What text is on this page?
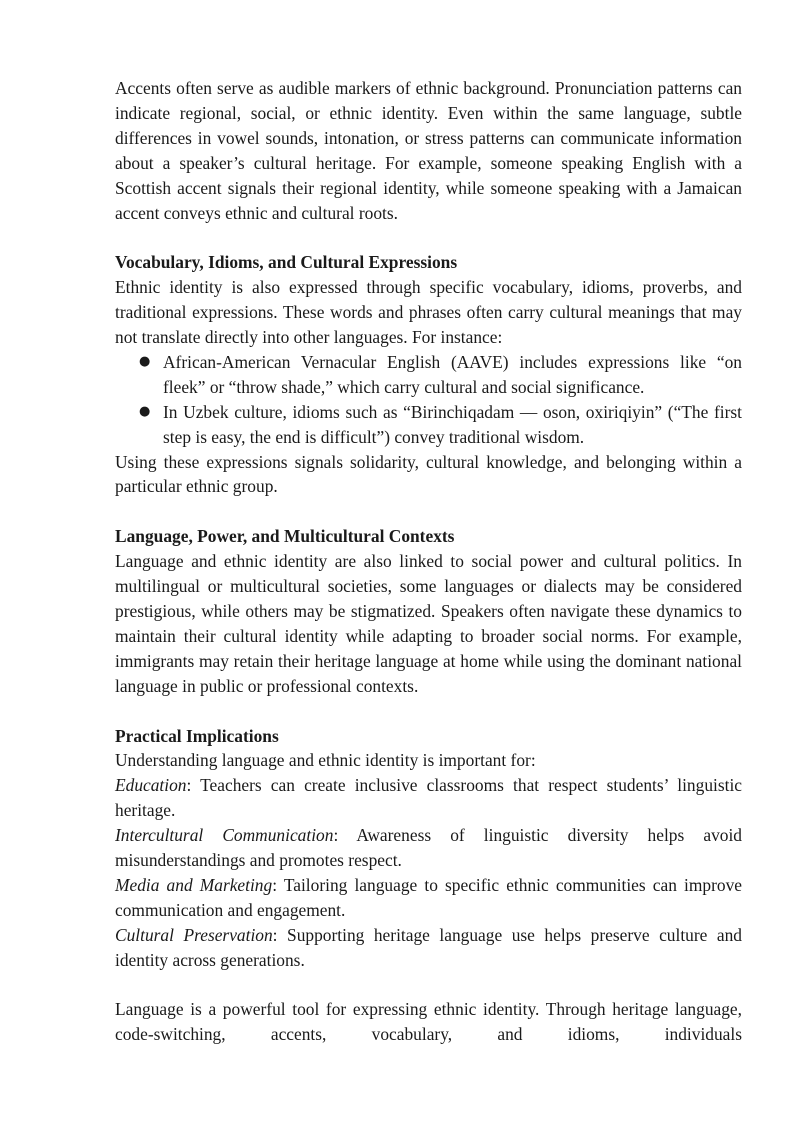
Accents often serve as audible markers of ethnic background. Pronunciation patterns can indicate regional, social, or ethnic identity. Even within the same language, subtle differences in vowel sounds, intonation, or stress patterns can communicate information about a speaker’s cultural heritage. For example, someone speaking English with a Scottish accent signals their regional identity, while someone speaking with a Jamaican accent conveys ethnic and cultural roots.

Vocabulary, Idioms, and Cultural Expressions

Ethnic identity is also expressed through specific vocabulary, idioms, proverbs, and traditional expressions. These words and phrases often carry cultural meanings that may not translate directly into other languages. For instance:

● African-American Vernacular English (AAVE) includes expressions like “on fleek” or “throw shade,” which carry cultural and social significance.
● In Uzbek culture, idioms such as “Birinchiqadam — oson, oxiriqiyin” (“The first step is easy, the end is difficult”) convey traditional wisdom.

Using these expressions signals solidarity, cultural knowledge, and belonging within a particular ethnic group.

Language, Power, and Multicultural Contexts

Language and ethnic identity are also linked to social power and cultural politics. In multilingual or multicultural societies, some languages or dialects may be considered prestigious, while others may be stigmatized. Speakers often navigate these dynamics to maintain their cultural identity while adapting to broader social norms. For example, immigrants may retain their heritage language at home while using the dominant national language in public or professional contexts.

Practical Implications

Understanding language and ethnic identity is important for:

Education: Teachers can create inclusive classrooms that respect students’ linguistic heritage.

Intercultural Communication: Awareness of linguistic diversity helps avoid misunderstandings and promotes respect.

Media and Marketing: Tailoring language to specific ethnic communities can improve communication and engagement.

Cultural Preservation: Supporting heritage language use helps preserve culture and identity across generations.

Language is a powerful tool for expressing ethnic identity. Through heritage language, code-switching, accents, vocabulary, and idioms, individuals
